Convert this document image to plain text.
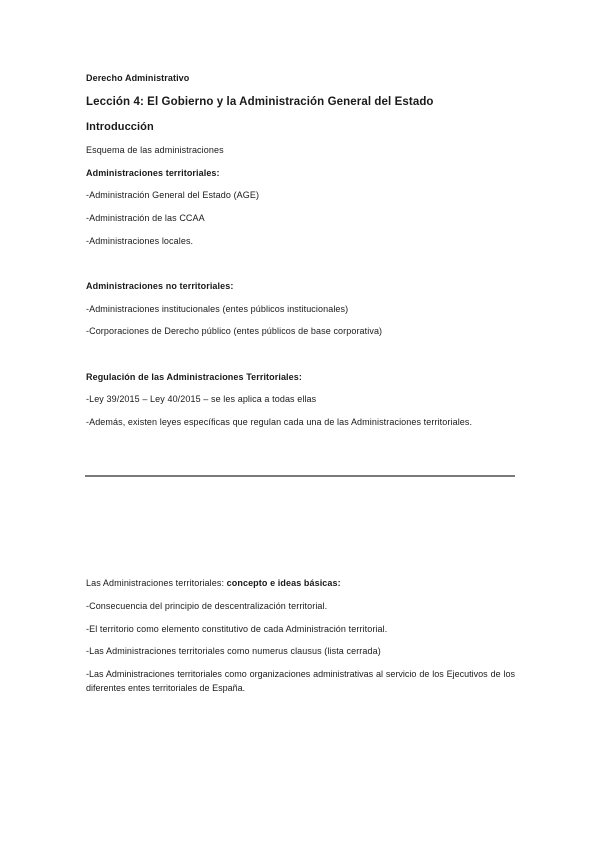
Derecho Administrativo
Lección 4: El Gobierno y la Administración General del Estado
Introducción
Esquema de las administraciones
Administraciones territoriales:
-Administración General del Estado (AGE)
-Administración de las CCAA
-Administraciones locales.
Administraciones no territoriales:
-Administraciones institucionales (entes públicos institucionales)
-Corporaciones de Derecho público (entes públicos de base corporativa)
Regulación de las Administraciones Territoriales:
-Ley 39/2015 – Ley 40/2015 – se les aplica a todas ellas
-Además, existen leyes específicas que regulan cada una de las Administraciones territoriales.
Las Administraciones territoriales: concepto e ideas básicas:
-Consecuencia del principio de descentralización territorial.
-El territorio como elemento constitutivo de cada Administración territorial.
-Las Administraciones territoriales como numerus clausus (lista cerrada)
-Las Administraciones territoriales como organizaciones administrativas al servicio de los Ejecutivos de los diferentes entes territoriales de España.
